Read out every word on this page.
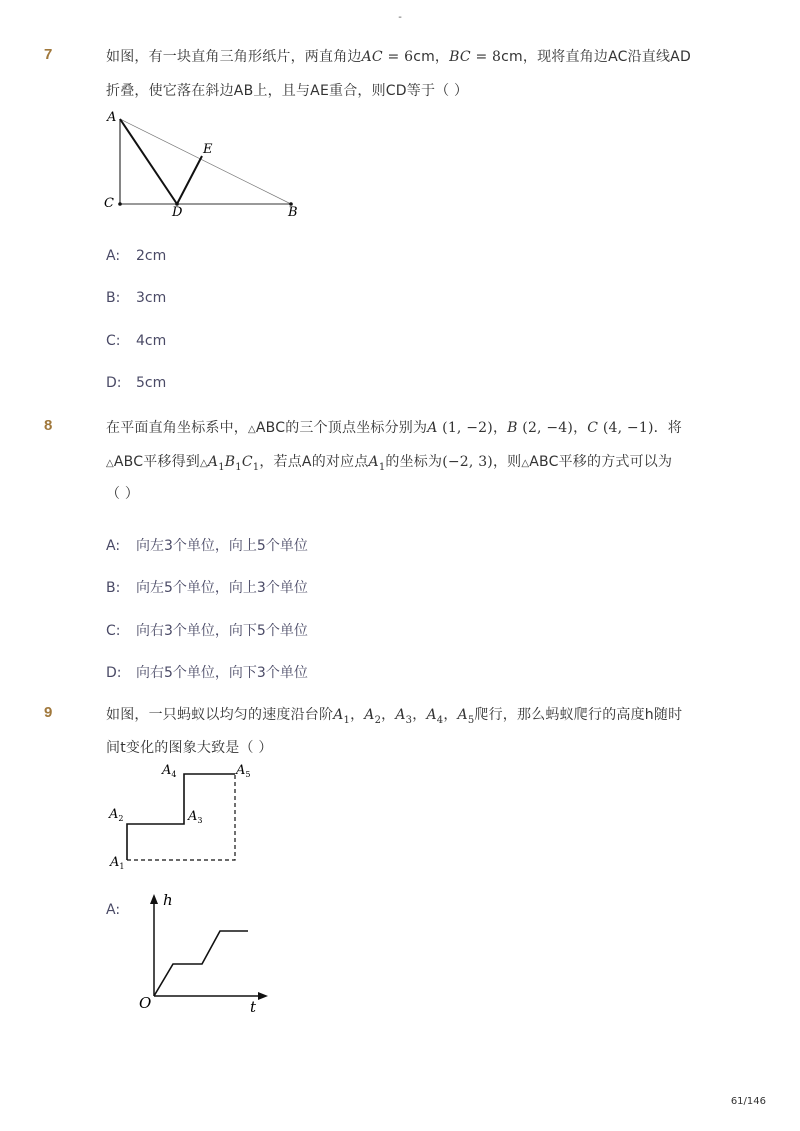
-
7	如图，有一块直角三角形纸片，两直角边AC = 6cm，BC = 8cm，现将直角边AC沿直线AD
折叠，使它落在斜边AB上，且与AE重合，则CD等于（ ）
A
C
D	B
E
A: 2cm
B: 3cm
C: 4cm
D: 5cm
8	在平面直角坐标系中，△ABC的三个顶点坐标分别为A (1, −2)，B (2, −4)，C (4, −1)．将
△ABC平移得到$\triangle A_1B_1C_1$，若点A的对应点$A_1$的坐标为(−2, 3)，则△ABC平移的方式可以为
（ ）
A: 向左3个单位，向上5个单位
B: 向左5个单位，向上3个单位
C: 向右3个单位，向下5个单位
D: 向右5个单位，向下3个单位
9	如图，一只蚂蚁以均匀的速度沿台阶$A_1$，$A_2$，$A_3$，$A_4$，$A_5$爬行，那么蚂蚁爬行的高度h随时
间t变化的图象大致是（ ）
$A_1$
$A_2$	$A_3$
$A_4$	$A_5$
A:
h
t
O
61/146
